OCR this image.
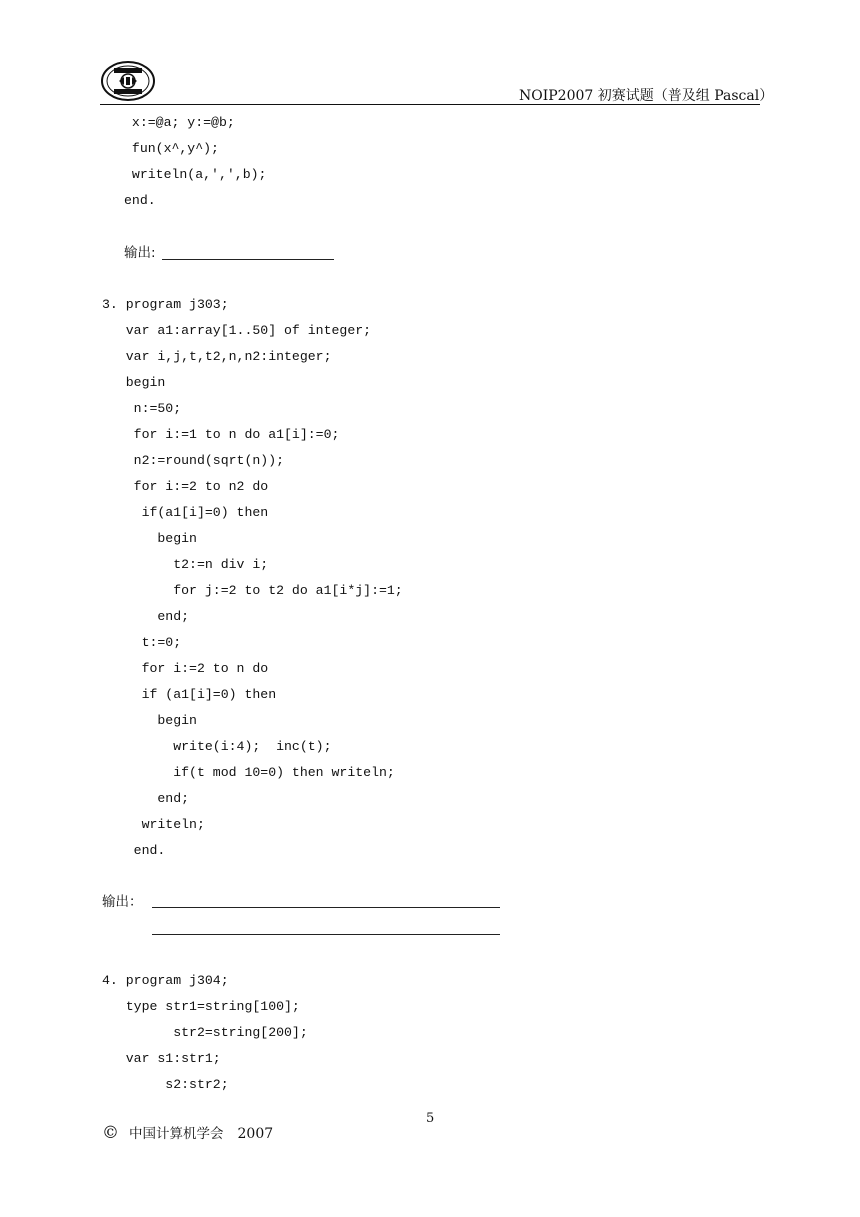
NOIP2007 初赛试题（普及组 Pascal）
x:=@a; y:=@b;
fun(x^,y^);
writeln(a,',',b);
end.
输出:
3. program j303;
var a1:array[1..50] of integer;
var i,j,t,t2,n,n2:integer;
begin
n:=50;
for i:=1 to n do a1[i]:=0;
n2:=round(sqrt(n));
for i:=2 to n2 do
if(a1[i]=0) then
begin
t2:=n div i;
for j:=2 to t2 do a1[i*j]:=1;
end;
t:=0;
for i:=2 to n do
if (a1[i]=0) then
begin
write(i:4);  inc(t);
if(t mod 10=0) then writeln;
end;
writeln;
end.
输出：
4. program j304;
type str1=string[100];
str2=string[200];
var s1:str1;
s2:str2;
5
© 中国计算机学会 2007
